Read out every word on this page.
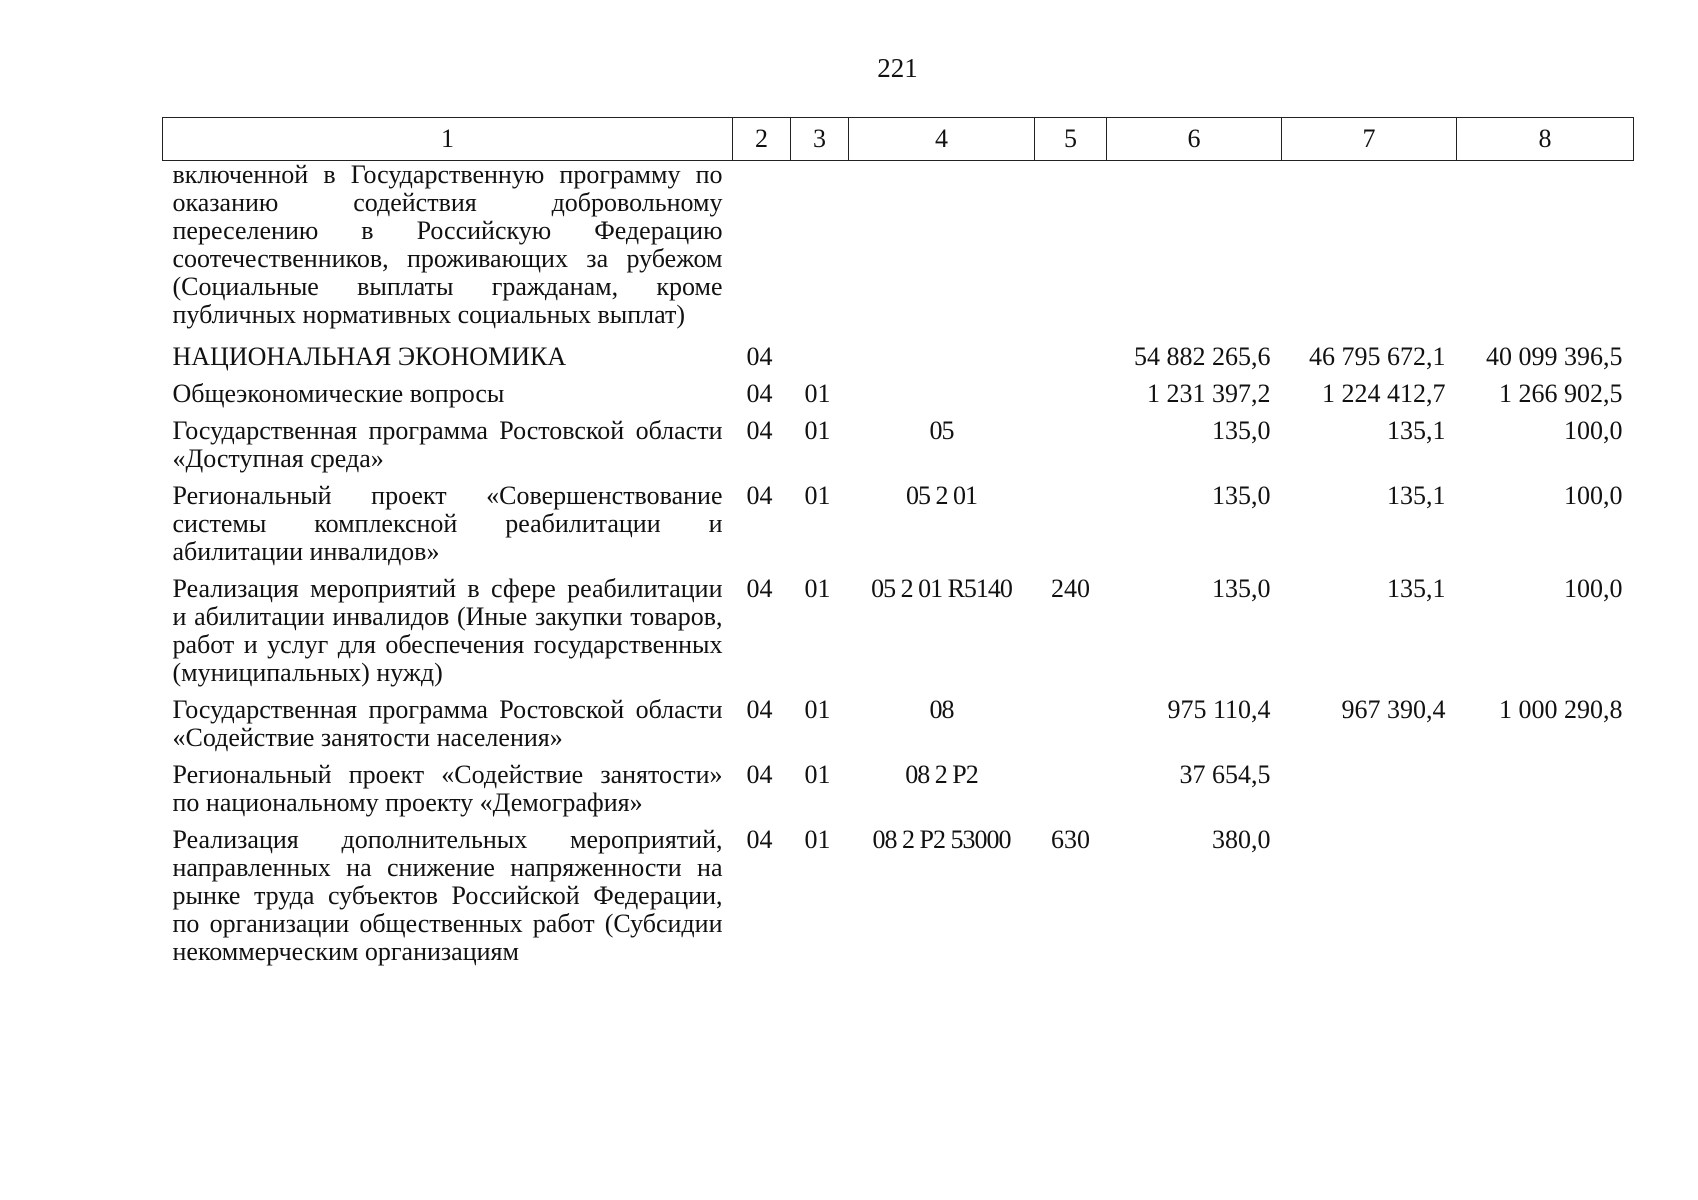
221
1	2	3	4	5	6	7	8
включенной в Государственную программу по оказанию содействия добровольному переселению в Российскую Федерацию соотечественников, проживающих за рубежом (Социальные выплаты гражданам, кроме публичных нормативных социальных выплат)							
НАЦИОНАЛЬНАЯ ЭКОНОМИКА	04				54 882 265,6	46 795 672,1	40 099 396,5
Общеэкономические вопросы	04	01			1 231 397,2	1 224 412,7	1 266 902,5
Государственная программа Ростовской области «Доступная среда»	04	01	05		135,0	135,1	100,0
Региональный проект «Совершенствование системы комплексной реабилитации и абилитации инвалидов»	04	01	05 2 01		135,0	135,1	100,0
Реализация мероприятий в сфере реабилитации и абилитации инвалидов (Иные закупки товаров, работ и услуг для обеспечения государственных (муниципальных) нужд)	04	01	05 2 01 R5140	240	135,0	135,1	100,0
Государственная программа Ростовской области «Содействие занятости населения»	04	01	08		975 110,4	967 390,4	1 000 290,8
Региональный проект «Содействие занятости» по национальному проекту «Демография»	04	01	08 2 P2		37 654,5		
Реализация дополнительных мероприятий, направленных на снижение напряженности на рынке труда субъектов Российской Федерации, по организации общественных работ (Субсидии некоммерческим организациям	04	01	08 2 P2 53000	630	380,0		
